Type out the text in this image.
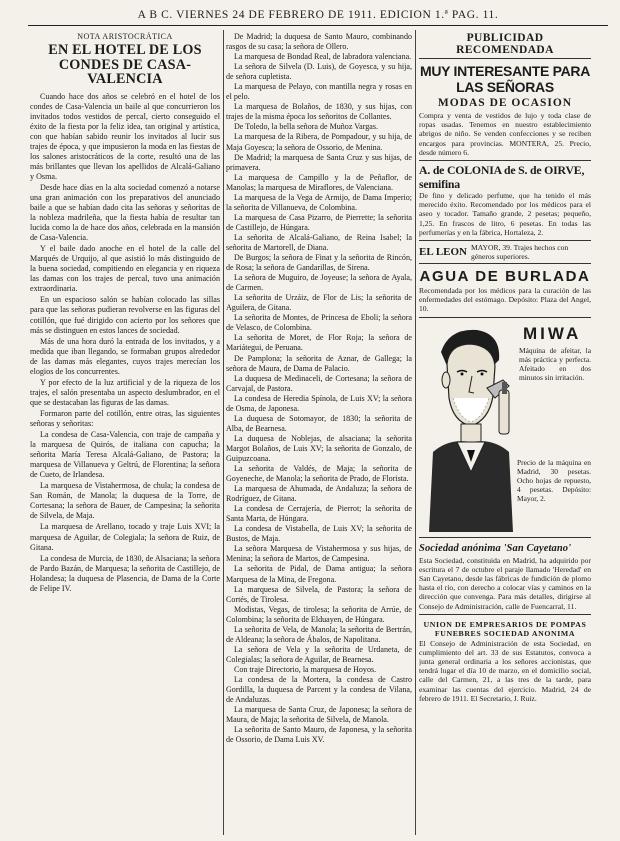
A B C. VIERNES 24 DE FEBRERO DE 1911. EDICION 1.ª PAG. 11.
NOTA ARISTOCRÁTICA
EN EL HOTEL DE LOS CONDES DE CASA-VALENCIA

Cuando hace dos años se celebró en el hotel de los condes de Casa-Valencia un baile al que concurrieron los invitados todos vestidos de percal, cierto conseguido el éxito de la fiesta por la feliz idea, tan original y artística, con que habían sabido reunir los invitados al lucir sus trajes de época, y que impusieron la moda en las fiestas de los salones aristocráticos de la corte, resultó una de las más brillantes que llevan los apellidos de Alcalá-Galiano y Osma.

Desde hace días en la alta sociedad comenzó a notarse una gran animación con los preparativos del anunciado baile a que se habían dado cita las señoras y señoritas de la nobleza madrileña, que la fiesta había de resultar tan lucida como la de hace dos años, celebrada en la mansión de Casa-Valencia.

Y el baile dado anoche en el hotel de la calle del Marqués de Urquijo, al que asistió lo más distinguido de la buena sociedad, compitiendo en elegancia y en riqueza las damas con los trajes de percal, tuvo una animación extraordinaria.

En un espacioso salón se habían colocado las sillas para que las señoras pudieran revolverse en las figuras del cotillón, que fué dirigido con acierto por los señores que más se distinguen en estos lances de sociedad.

Más de una hora duró la entrada de los invitados, y a medida que iban llegando, se formaban grupos alrededor de las damas más elegantes, cuyos trajes merecían los elogios de los concurrentes.

Y por efecto de la luz artificial y de la riqueza de los trajes, el salón presentaba un aspecto deslumbrador, en el que se destacaban las figuras de las damas.

Formaron parte del cotillón, entre otras, las siguientes señoras y señoritas:

La condesa de Casa-Valencia, con traje de campaña y la marquesa de Quirós, de italiana con capucha; la señorita María Teresa Alcalá-Galiano, de Pastora; la marquesa de Villanueva y Geltrú, de Florentina; la señora de Cueto, de Irlandesa.

La marquesa de Vistahermosa, de chula; la condesa de San Román, de Manola; la duquesa de la Torre, de Cortesana; la señora de Bauer, de Campesina; la señorita de Silvela, de Maja.

La marquesa de Arellano, tocado y traje Luis XVI; la marquesa de Aguilar, de Colegiala; la señora de Ruiz, de Gitana.

La condesa de Murcia, de 1830, de Alsaciana; la señora de Pardo Bazán, de Marquesa; la señorita de Castillejo, de Holandesa; la duquesa de Plasencia, de Dama de la Corte de Felipe IV.

De Madrid; la duquesa de Santo Mauro, combinando rasgos de su casa; la señora de Ollero.

La marquesa de Bondad Real, de labradora valenciana.

La señora de Silvela (D. Luis), de Goyesca, y su hija, de señora cupletista.

La marquesa de Pelayo, con mantilla negra y rosas en el pelo.

La marquesa de Bolaños, de 1830, y sus hijas, con trajes de la misma época los señoritos de Collantes.

De Toledo, la bella señora de Muñoz Vargas.

La marquesa de la Ribera, de Pompadour, y su hija, de Maja Goyesca; la señora de Ossorio, de Menina.

De Madrid; la marquesa de Santa Cruz y sus hijas, de primavera.

La marquesa de Campillo y la de Peñaflor, de Manolas; la marquesa de Miraflores, de Valenciana.

La marquesa de la Vega de Armijo, de Dama Imperio; la señorita de Villanueva, de Colombina.

La marquesa de Casa Pizarro, de Pierrette; la señorita de Castillejo, de Húngara.

La señorita de Alcalá-Galiano, de Reina Isabel; la señorita de Martorell, de Diana.

De Burgos; la señora de Finat y la señorita de Rincón, de Rosa; la señora de Gandarillas, de Sirena.

La señora de Muguiro, de Joyeuse; la señora de Ayala, de Carmen.

La señorita de Urzáiz, de Flor de Lis; la señorita de Aguilera, de Gitana.

La señorita de Montes, de Princesa de Eboli; la señora de Velasco, de Colombina.

La señorita de Moret, de Flor Roja; la señora de Mariátegui, de Peruana.

De Pamplona; la señorita de Aznar, de Gallega; la señora de Maura, de Dama de Palacio.

La duquesa de Medinaceli, de Cortesana; la señora de Carvajal, de Pastora.

La condesa de Heredia Spínola, de Luis XV; la señora de Osma, de Japonesa.

La duquesa de Sotomayor, de 1830; la señorita de Alba, de Bearnesa.

La duquesa de Noblejas, de alsaciana; la señorita Margot Bolaños, de Luis XV; la señorita de Gonzalo, de Guipuzcoana.

La señorita de Valdés, de Maja; la señorita de Goyeneche, de Manola; la señorita de Prado, de Florista.

La marquesa de Ahumada, de Andaluza; la señora de Rodríguez, de Gitana.

La condesa de Cerrajería, de Pierrot; la señorita de Santa Marta, de Húngara.

La condesa de Vistabella, de Luis XV; la señorita de Bustos, de Maja.

La señora Marquesa de Vistahermosa y sus hijas, de Menina; la señora de Martos, de Campesina.

La señorita de Pidal, de Dama antigua; la señora Marquesa de la Mina, de Fregona.

La marquesa de Silvela, de Pastora; la señora de Cortés, de Tirolesa.

Modistas, Vegas, de tirolesa; la señorita de Arrúe, de Colombina; la señorita de Elduayen, de Húngara.

La señorita de Vela, de Manola; la señorita de Bertrán, de Aldeana; la señora de Ábalos, de Napolitana.

La señora de Vela y la señorita de Urdaneta, de Colegialas; la señora de Aguilar, de Bearnesa.

Con traje Directorio, la marquesa de Hoyos.

La condesa de la Mortera, la condesa de Castro Gordilla, la duquesa de Parcent y la condesa de Vilana, de Andaluzas.

La marquesa de Santa Cruz, de Japonesa; la señora de Maura, de Maja; la señorita de Silvela, de Manola.

La señorita de Santo Mauro, de Japonesa, y la señorita de Ossorio, de Dama Luis XV.

PUBLICIDAD RECOMENDADA
MUY INTERESANTE PARA LAS SEÑORAS
MODAS DE OCASION
Compra y venta de vestidos de lujo y toda clase de ropas usadas. Tenemos en nuestro establecimiento abrigos de niño. Se venden confecciones y se reciben encargos para provincias. MONTERA, 25. Precio, desde número 6.
A. de COLONIA de S. de OIRVE, semifina
De fino y delicado perfume, que ha tenido el más merecido éxito. Recomendado por los médicos para el aseo y tocador. Tamaño grande, 2 pesetas; pequeño, 1,25. En frascos de litro, 6 pesetas. En todas las perfumerías y en la fábrica, Hortaleza, 2.
EL LEON MAYOR, 39. Trajes hechos con géneros superiores.
AGUA DE BURLADA
Recomendada por los médicos para la curación de las enfermedades del estómago. Depósito: Plaza del Angel, 10.
MIWA
Máquina de afeitar, la más práctica y perfecta. Afeitado en dos minutos sin irritación.
Precio de la máquina en Madrid, 30 pesetas. Ocho hojas de repuesto, 4 pesetas. Depósito: Mayor, 2.
Sociedad anónima 'San Cayetano'
Esta Sociedad, constituida en Madrid, ha adquirido por escritura el 7 de octubre el paraje llamado 'Heredad' en San Cayetano, desde las fábricas de fundición de plomo hasta el río, con derecho a colocar vías y caminos en la dirección que convenga. Para más detalles, dirigirse al Consejo de Administración, calle de Fuencarral, 11.
UNION DE EMPRESARIOS DE POMPAS FUNEBRES SOCIEDAD ANONIMA
El Consejo de Administración de esta Sociedad, en cumplimiento del art. 33 de sus Estatutos, convoca a junta general ordinaria a los señores accionistas, que tendrá lugar el día 10 de marzo, en el domicilio social, calle del Carmen, 21, a las tres de la tarde, para examinar las cuentas del ejercicio. Madrid, 24 de febrero de 1911. El Secretario, J. Ruiz.
